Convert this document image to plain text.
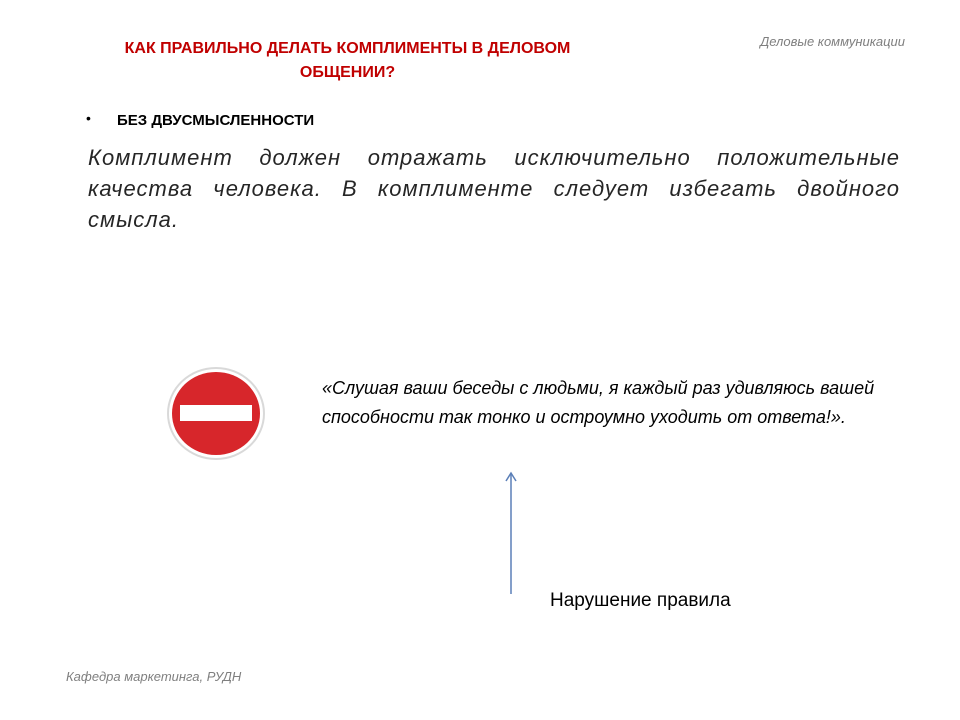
КАК ПРАВИЛЬНО ДЕЛАТЬ КОМПЛИМЕНТЫ В ДЕЛОВОМ ОБЩЕНИИ?
Деловые коммуникации
• БЕЗ ДВУСМЫСЛЕННОСТИ
Комплимент должен отражать исключительно положительные качества человека. В комплименте следует избегать двойного смысла.
«Слушая ваши беседы с людьми, я каждый раз удивляюсь вашей способности так тонко и остроумно уходить от ответа!».
Нарушение правила
Кафедра маркетинга, РУДН
